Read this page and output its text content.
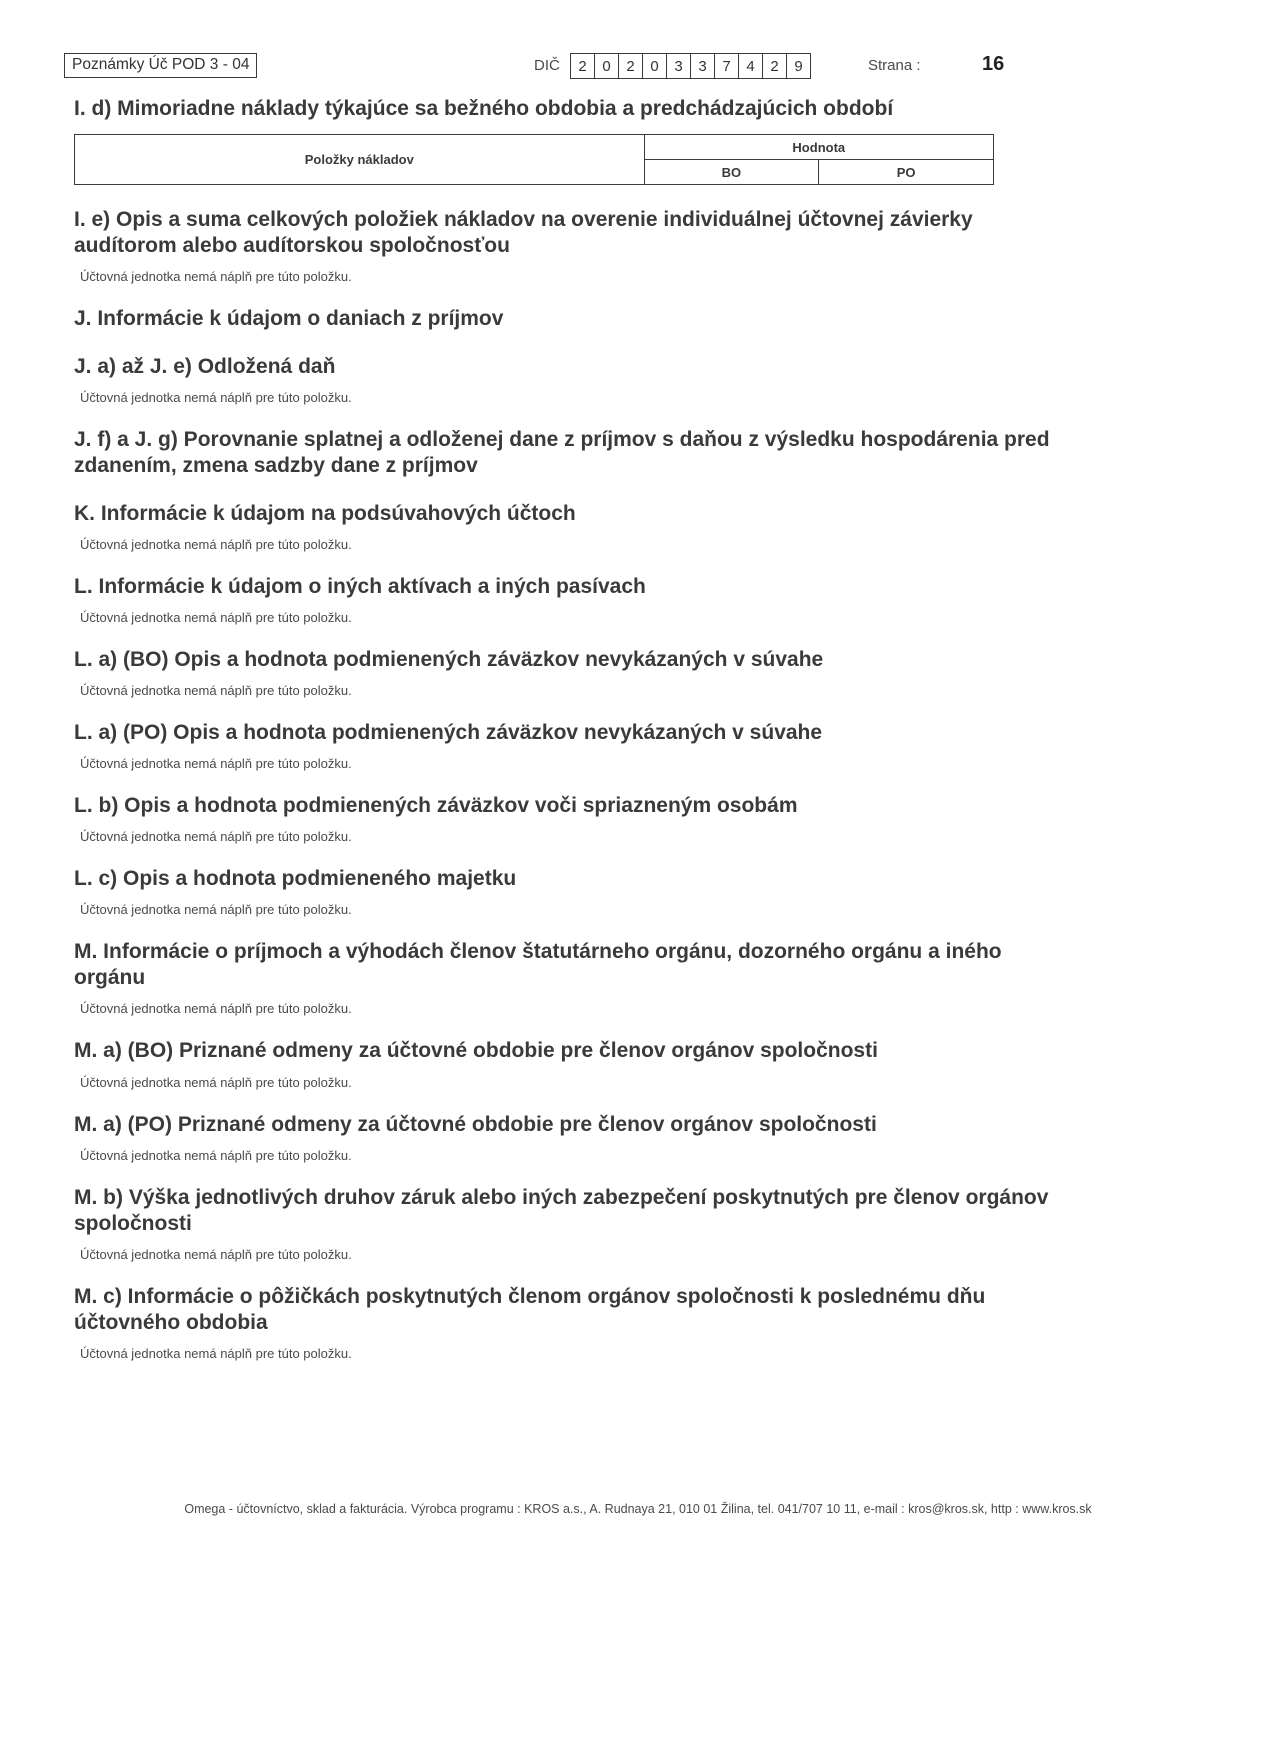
Poznámky Úč POD 3 - 04	DIČ	2	0	2	0	3	3	7	4	2	9	Strana :	16
I. d) Mimoriadne náklady týkajúce sa bežného obdobia a predchádzajúcich období
Položky nákladov	Hodnota	
	BO	PO
I. e) Opis a suma celkových položiek nákladov na overenie individuálnej účtovnej závierky audítorom alebo audítorskou spoločnosťou
Účtovná jednotka nemá náplň pre túto položku.
J. Informácie k údajom o daniach z príjmov
J. a) až J. e) Odložená daň
Účtovná jednotka nemá náplň pre túto položku.
J. f) a J. g) Porovnanie splatnej a odloženej dane z príjmov s daňou z výsledku hospodárenia pred zdanením, zmena sadzby dane z príjmov
K. Informácie k údajom na podsúvahových účtoch
Účtovná jednotka nemá náplň pre túto položku.
L. Informácie k údajom o iných aktívach a iných pasívach
Účtovná jednotka nemá náplň pre túto položku.
L. a) (BO) Opis a hodnota podmienených záväzkov nevykázaných v súvahe
Účtovná jednotka nemá náplň pre túto položku.
L. a) (PO) Opis a hodnota podmienených záväzkov nevykázaných v súvahe
Účtovná jednotka nemá náplň pre túto položku.
L. b) Opis a hodnota podmienených záväzkov voči spriazneným osobám
Účtovná jednotka nemá náplň pre túto položku.
L. c) Opis a hodnota podmieneného majetku
Účtovná jednotka nemá náplň pre túto položku.
M. Informácie o príjmoch a výhodách členov štatutárneho orgánu, dozorného orgánu a iného orgánu
Účtovná jednotka nemá náplň pre túto položku.
M. a) (BO) Priznané odmeny za účtovné obdobie pre členov orgánov spoločnosti
Účtovná jednotka nemá náplň pre túto položku.
M. a) (PO) Priznané odmeny za účtovné obdobie pre členov orgánov spoločnosti
Účtovná jednotka nemá náplň pre túto položku.
M. b) Výška jednotlivých druhov záruk alebo iných zabezpečení poskytnutých pre členov orgánov spoločnosti
Účtovná jednotka nemá náplň pre túto položku.
M. c) Informácie o pôžičkách poskytnutých členom orgánov spoločnosti k poslednému dňu účtovného obdobia
Účtovná jednotka nemá náplň pre túto položku.
Omega - účtovníctvo, sklad a fakturácia. Výrobca programu : KROS a.s., A. Rudnaya 21, 010 01 Žilina, tel. 041/707 10 11, e-mail : kros@kros.sk, http : www.kros.sk
